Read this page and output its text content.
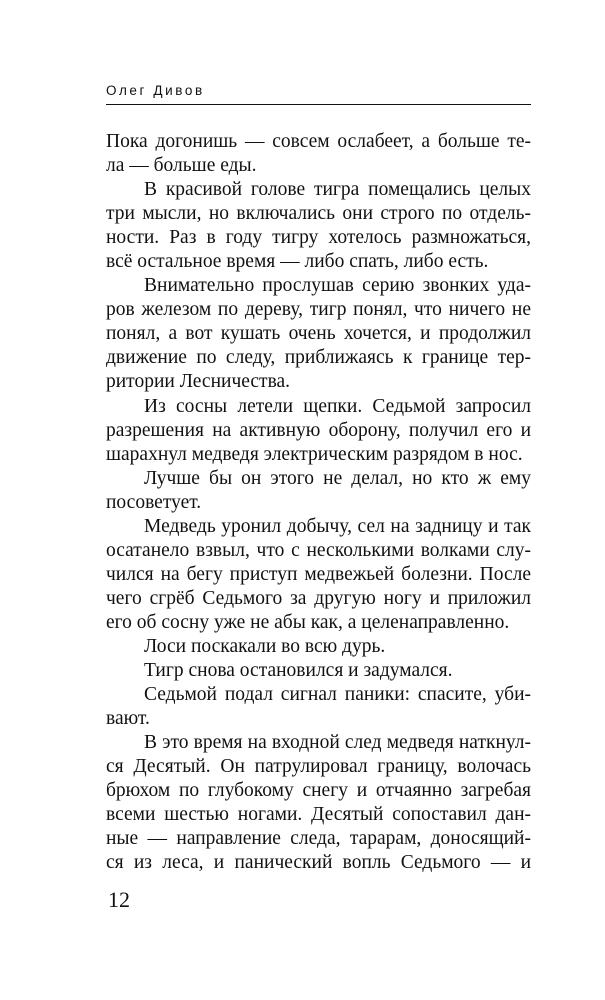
Олег Дивов
Пока догонишь — совсем ослабеет, а больше те-
ла — больше еды.
В красивой голове тигра помещались целых
три мысли, но включались они строго по отдель-
ности. Раз в году тигру хотелось размножаться,
всё остальное время — либо спать, либо есть.
Внимательно прослушав серию звонких уда-
ров железом по дереву, тигр понял, что ничего не
понял, а вот кушать очень хочется, и продолжил
движение по следу, приближаясь к границе тер-
ритории Лесничества.
Из сосны летели щепки. Седьмой запросил
разрешения на активную оборону, получил его и
шарахнул медведя электрическим разрядом в нос.
Лучше бы он этого не делал, но кто ж ему
посоветует.
Медведь уронил добычу, сел на задницу и так
осатанело взвыл, что с несколькими волками слу-
чился на бегу приступ медвежьей болезни. После
чего сгрёб Седьмого за другую ногу и приложил
его об сосну уже не абы как, а целенаправленно.
Лоси поскакали во всю дурь.
Тигр снова остановился и задумался.
Седьмой подал сигнал паники: спасите, уби-
вают.
В это время на входной след медведя наткнул-
ся Десятый. Он патрулировал границу, волочась
брюхом по глубокому снегу и отчаянно загребая
всеми шестью ногами. Десятый сопоставил дан-
ные — направление следа, тарарам, доносящий-
ся из леса, и панический вопль Седьмого — и
12
